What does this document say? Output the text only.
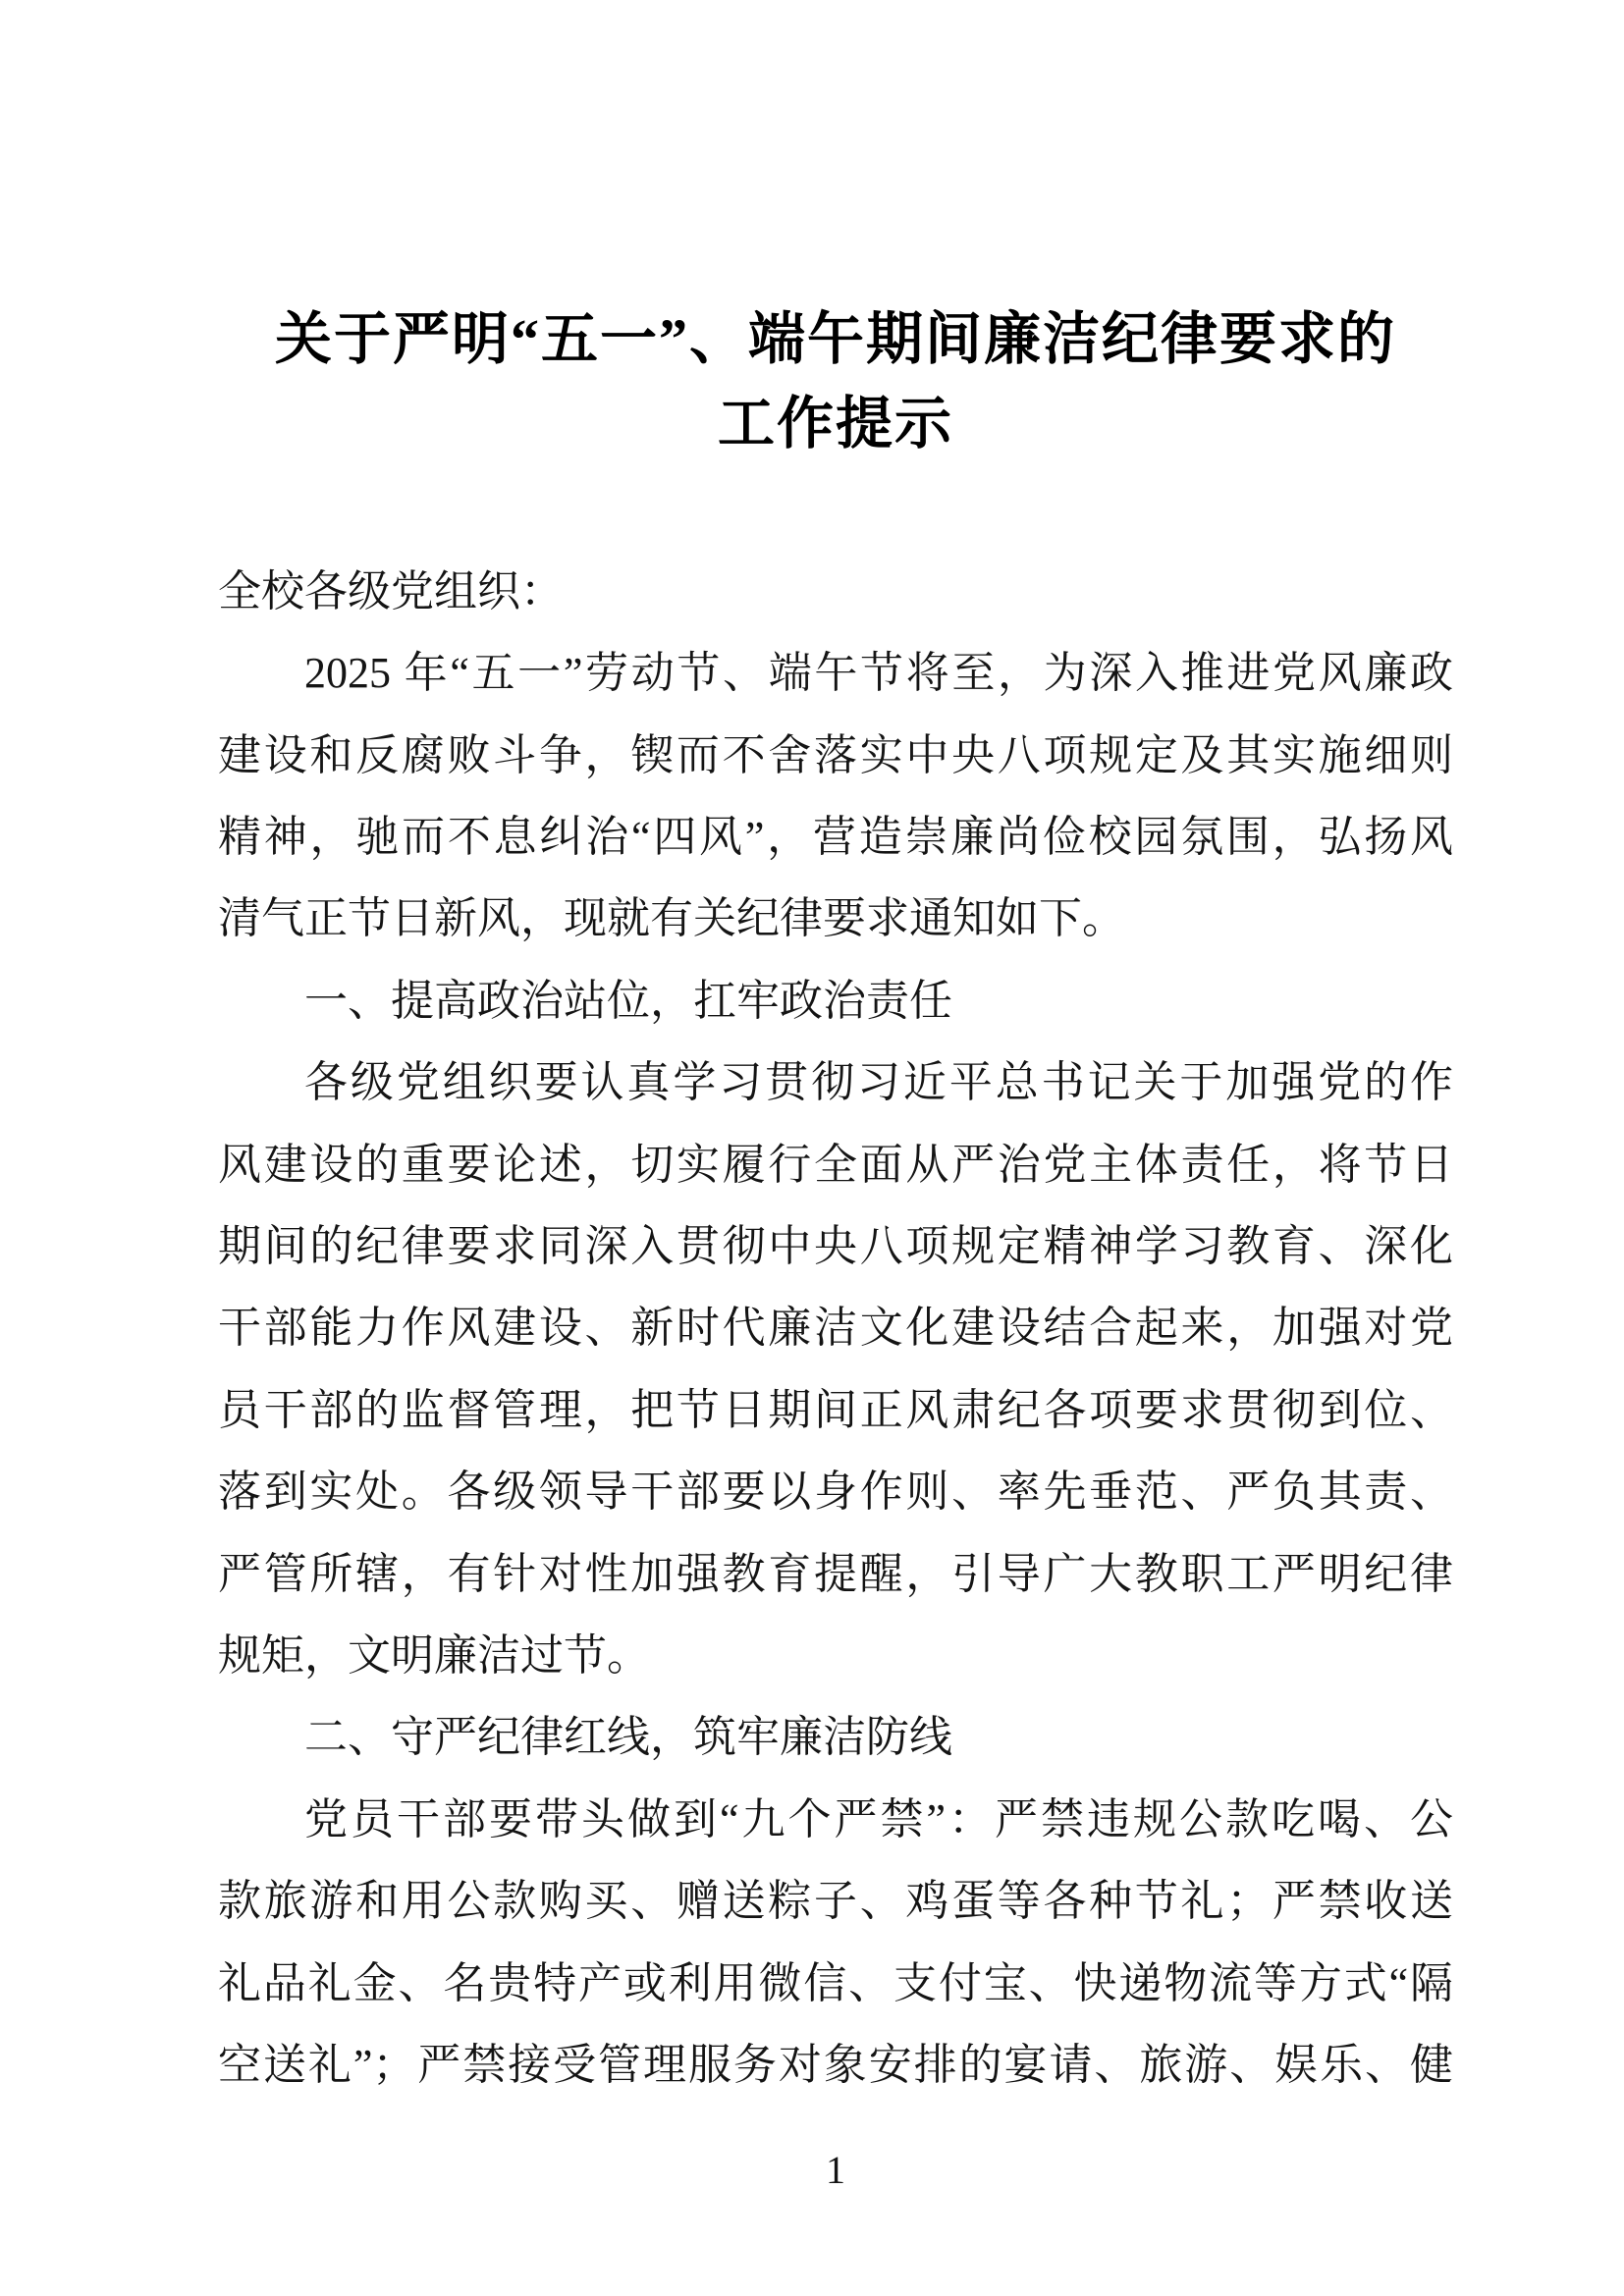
关于严明“五一”、端午期间廉洁纪律要求的
工作提示
全校各级党组织：
2025 年“五一”劳动节、端午节将至，为深入推进党风廉政
建设和反腐败斗争，锲而不舍落实中央八项规定及其实施细则
精神，驰而不息纠治“四风”，营造崇廉尚俭校园氛围，弘扬风
清气正节日新风，现就有关纪律要求通知如下。
一、提高政治站位，扛牢政治责任
各级党组织要认真学习贯彻习近平总书记关于加强党的作
风建设的重要论述，切实履行全面从严治党主体责任，将节日
期间的纪律要求同深入贯彻中央八项规定精神学习教育、深化
干部能力作风建设、新时代廉洁文化建设结合起来，加强对党
员干部的监督管理，把节日期间正风肃纪各项要求贯彻到位、
落到实处。各级领导干部要以身作则、率先垂范、严负其责、
严管所辖，有针对性加强教育提醒，引导广大教职工严明纪律
规矩，文明廉洁过节。
二、守严纪律红线，筑牢廉洁防线
党员干部要带头做到“九个严禁”：严禁违规公款吃喝、公
款旅游和用公款购买、赠送粽子、鸡蛋等各种节礼；严禁收送
礼品礼金、名贵特产或利用微信、支付宝、快递物流等方式“隔
空送礼”；严禁接受管理服务对象安排的宴请、旅游、娱乐、健
1
